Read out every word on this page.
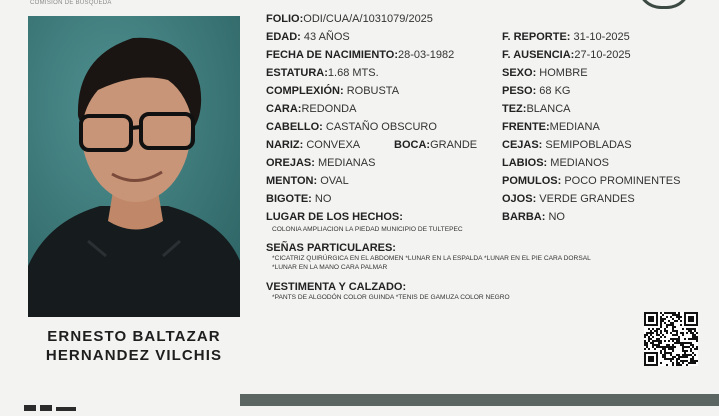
COMISIÓN DE BÚSQUEDA
ERNESTO BALTAZAR
HERNANDEZ VILCHIS
FOLIO:ODI/CUA/A/1031079/2025
EDAD: 43 AÑOS
FECHA DE NACIMIENTO:28-03-1982
ESTATURA:1.68 MTS.
COMPLEXIÓN: ROBUSTA
CARA:REDONDA
CABELLO: CASTAÑO OBSCURO
NARIZ: CONVEXA	BOCA:GRANDE
OREJAS: MEDIANAS
MENTON: OVAL
BIGOTE: NO
F. REPORTE: 31-10-2025
F. AUSENCIA:27-10-2025
SEXO: HOMBRE
PESO: 68 KG
TEZ:BLANCA
FRENTE:MEDIANA
CEJAS: SEMIPOBLADAS
LABIOS: MEDIANOS
POMULOS: POCO PROMINENTES
OJOS: VERDE GRANDES
BARBA: NO
LUGAR DE LOS HECHOS:
COLONIA AMPLIACION LA PIEDAD MUNICIPIO DE TULTEPEC
SEÑAS PARTICULARES:
*CICATRIZ QUIRÚRGICA EN EL ABDOMEN *LUNAR EN LA ESPALDA *LUNAR EN EL PIE CARA DORSAL
*LUNAR EN LA MANO CARA PALMAR
VESTIMENTA Y CALZADO:
*PANTS DE ALGODÓN COLOR GUINDA *TENIS DE GAMUZA COLOR NEGRO
